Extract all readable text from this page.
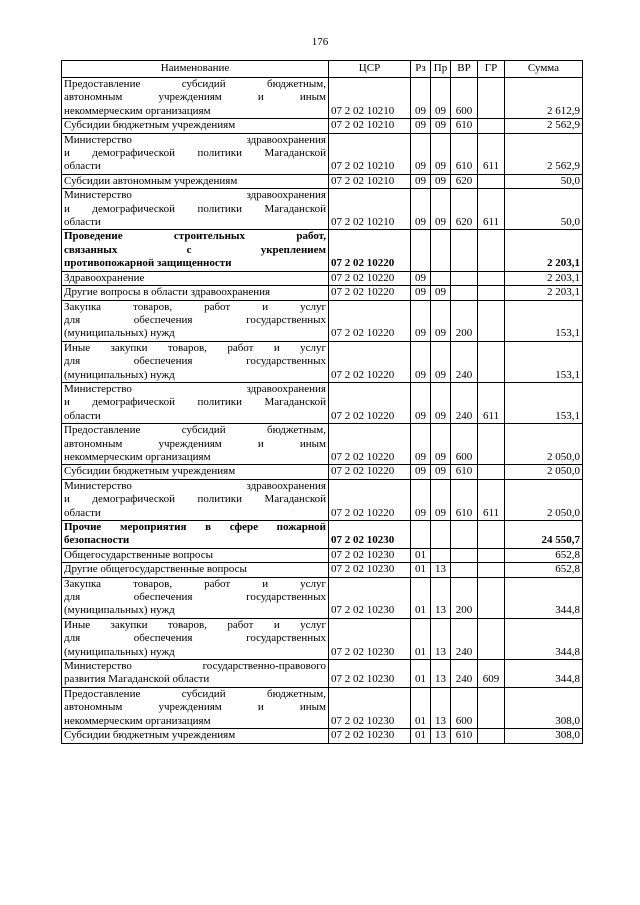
176
Наименование	ЦСР	Рз	Пр	ВР	ГР	Сумма

Предоставление субсидий бюджетным,
автономным учреждениям и иным
некоммерческим организациям	07 2 02 10210	09	09	600		2 612,9

Субсидии бюджетным учреждениям	07 2 02 10210	09	09	610		2 562,9

Министерство здравоохранения
и демографической политики Магаданской
области	07 2 02 10210	09	09	610	611	2 562,9

Субсидии автономным учреждениям	07 2 02 10210	09	09	620		50,0

Министерство здравоохранения
и демографической политики Магаданской
области	07 2 02 10210	09	09	620	611	50,0

Проведение строительных работ,
связанных с укреплением
противопожарной защищенности	07 2 02 10220					2 203,1

Здравоохранение	07 2 02 10220	09				2 203,1

Другие вопросы в области здравоохранения	07 2 02 10220	09	09			2 203,1

Закупка товаров, работ и услуг
для обеспечения государственных
(муниципальных) нужд	07 2 02 10220	09	09	200		153,1

Иные закупки товаров, работ и услуг
для обеспечения государственных
(муниципальных) нужд	07 2 02 10220	09	09	240		153,1

Министерство здравоохранения
и демографической политики Магаданской
области	07 2 02 10220	09	09	240	611	153,1

Предоставление субсидий бюджетным,
автономным учреждениям и иным
некоммерческим организациям	07 2 02 10220	09	09	600		2 050,0

Субсидии бюджетным учреждениям	07 2 02 10220	09	09	610		2 050,0

Министерство здравоохранения
и демографической политики Магаданской
области	07 2 02 10220	09	09	610	611	2 050,0

Прочие мероприятия в сфере пожарной
безопасности	07 2 02 10230					24 550,7

Общегосударственные вопросы	07 2 02 10230	01				652,8

Другие общегосударственные вопросы	07 2 02 10230	01	13			652,8

Закупка товаров, работ и услуг
для обеспечения государственных
(муниципальных) нужд	07 2 02 10230	01	13	200		344,8

Иные закупки товаров, работ и услуг
для обеспечения государственных
(муниципальных) нужд	07 2 02 10230	01	13	240		344,8

Министерство государственно-правового
развития Магаданской области	07 2 02 10230	01	13	240	609	344,8

Предоставление субсидий бюджетным,
автономным учреждениям и иным
некоммерческим организациям	07 2 02 10230	01	13	600		308,0

Субсидии бюджетным учреждениям	07 2 02 10230	01	13	610		308,0
